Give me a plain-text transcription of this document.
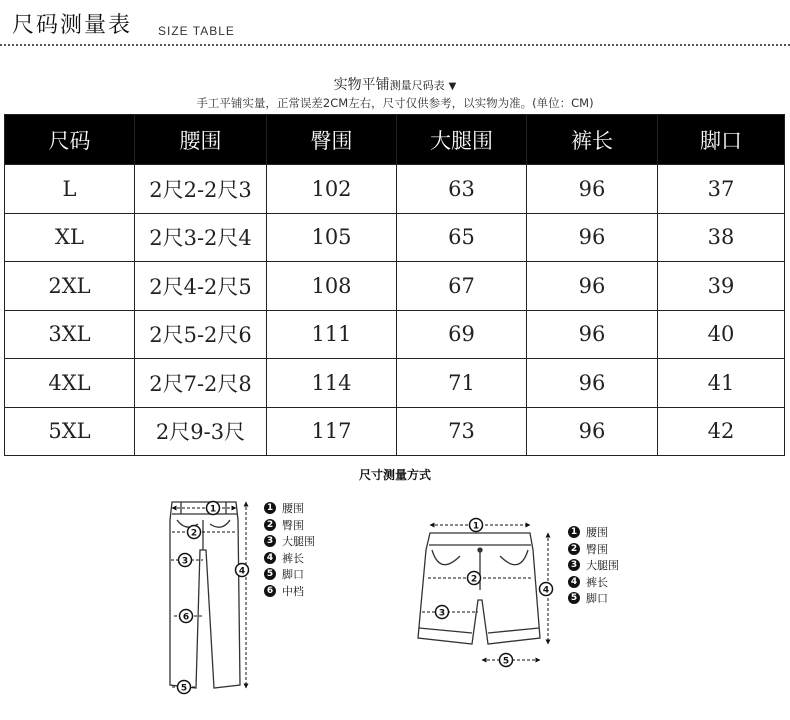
尺码测量表 SIZE TABLE
实物平铺测量尺码表 ▼
手工平铺实量，正常误差2CM左右，尺寸仅供参考，以实物为准。(单位：CM)
尺码	腰围	臀围	大腿围	裤长	脚口
L	2尺2-2尺3	102	63	96	37
XL	2尺3-2尺4	105	65	96	38
2XL	2尺4-2尺5	108	67	96	39
3XL	2尺5-2尺6	111	69	96	40
4XL	2尺7-2尺8	114	71	96	41
5XL	2尺9-3尺	117	73	96	42
尺寸测量方式
1
2
3
4
6
5
1
2
3
4
5
1 腰围
2 臀围
3 大腿围
4 裤长
5 脚口
6 中档
1 腰围
2 臀围
3 大腿围
4 裤长
5 脚口
